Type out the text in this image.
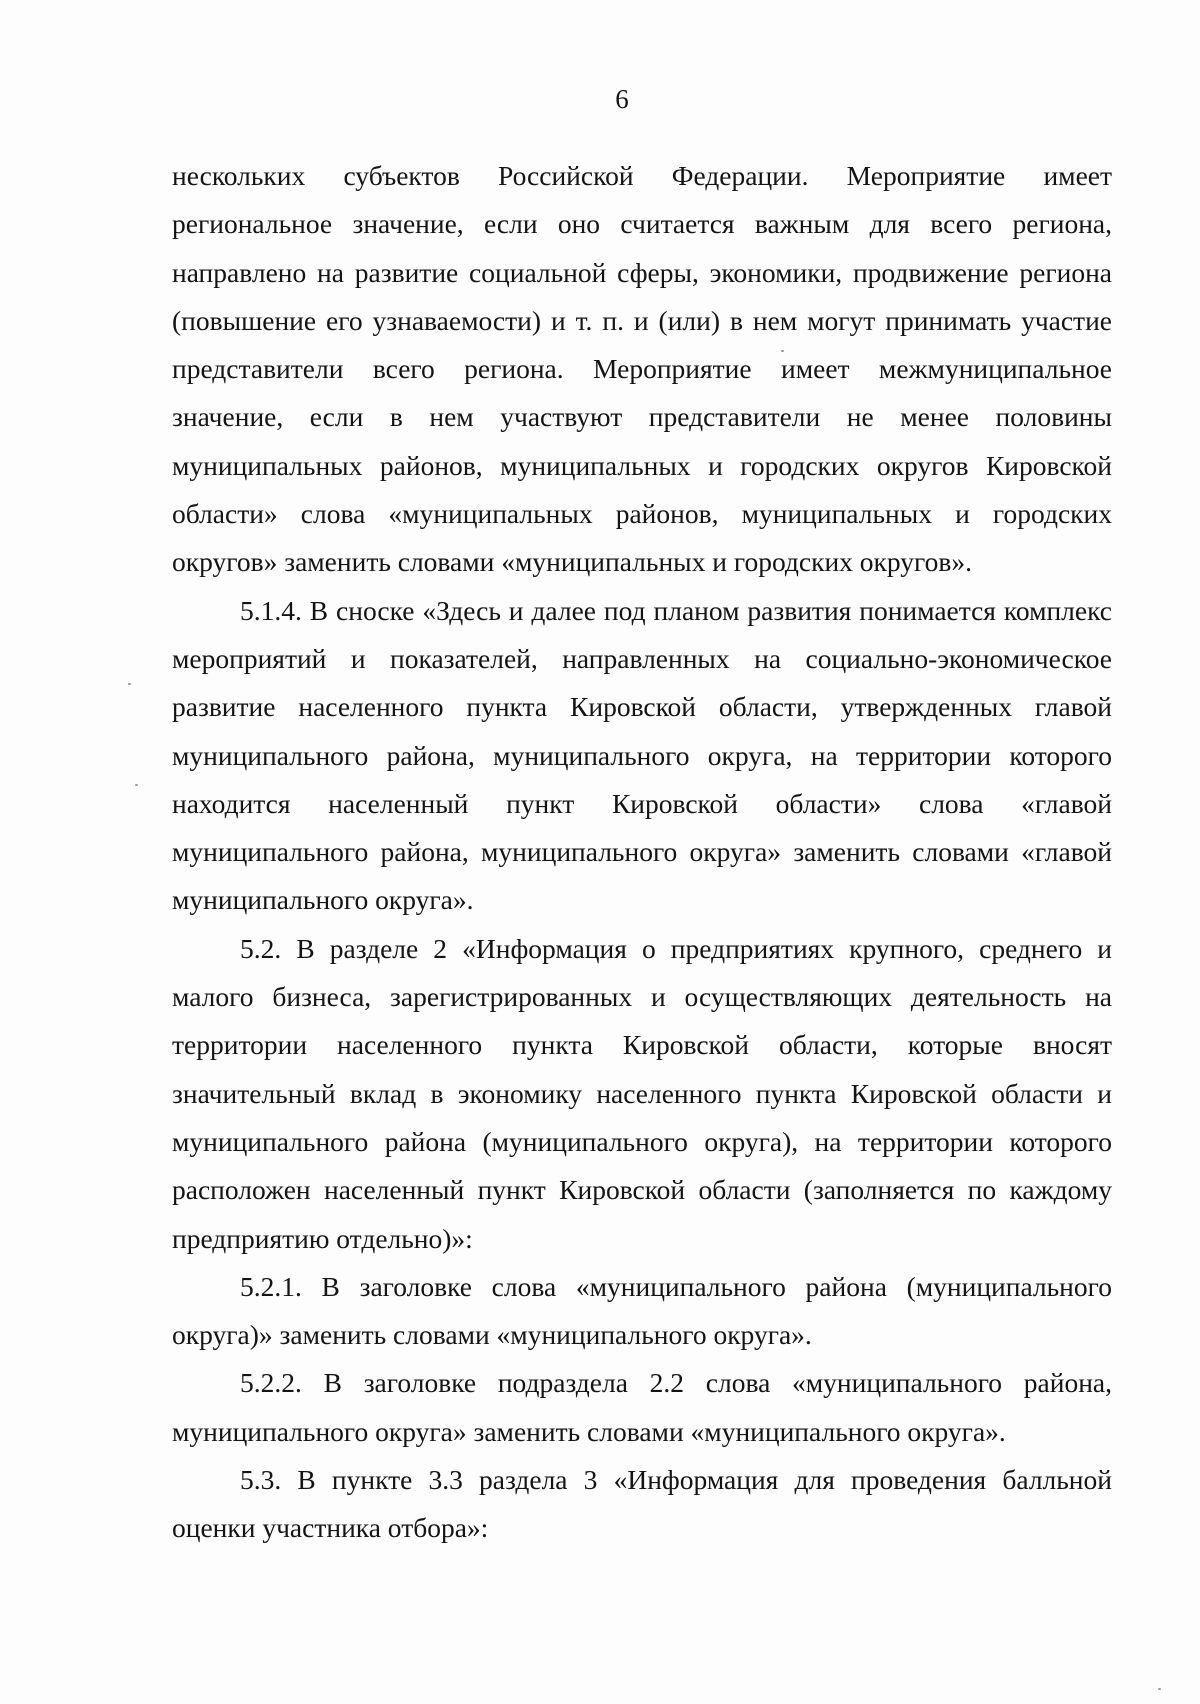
6

нескольких субъектов Российской Федерации. Мероприятие имеет региональное значение, если оно считается важным для всего региона, направлено на развитие социальной сферы, экономики, продвижение региона (повышение его узнаваемости) и т. п. и (или) в нем могут принимать участие представители всего региона. Мероприятие имеет межмуниципальное значение, если в нем участвуют представители не менее половины муниципальных районов, муниципальных и городских округов Кировской области» слова «муниципальных районов, муниципальных и городских округов» заменить словами «муниципальных и городских округов».

5.1.4. В сноске «Здесь и далее под планом развития понимается комплекс мероприятий и показателей, направленных на социально-экономическое развитие населенного пункта Кировской области, утвержденных главой муниципального района, муниципального округа, на территории которого находится населенный пункт Кировской области» слова «главой муниципального района, муниципального округа» заменить словами «главой муниципального округа».

5.2. В разделе 2 «Информация о предприятиях крупного, среднего и малого бизнеса, зарегистрированных и осуществляющих деятельность на территории населенного пункта Кировской области, которые вносят значительный вклад в экономику населенного пункта Кировской области и муниципального района (муниципального округа), на территории которого расположен населенный пункт Кировской области (заполняется по каждому предприятию отдельно)»:

5.2.1. В заголовке слова «муниципального района (муниципального округа)» заменить словами «муниципального округа».

5.2.2. В заголовке подраздела 2.2 слова «муниципального района, муниципального округа» заменить словами «муниципального округа».

5.3. В пункте 3.3 раздела 3 «Информация для проведения балльной оценки участника отбора»:
